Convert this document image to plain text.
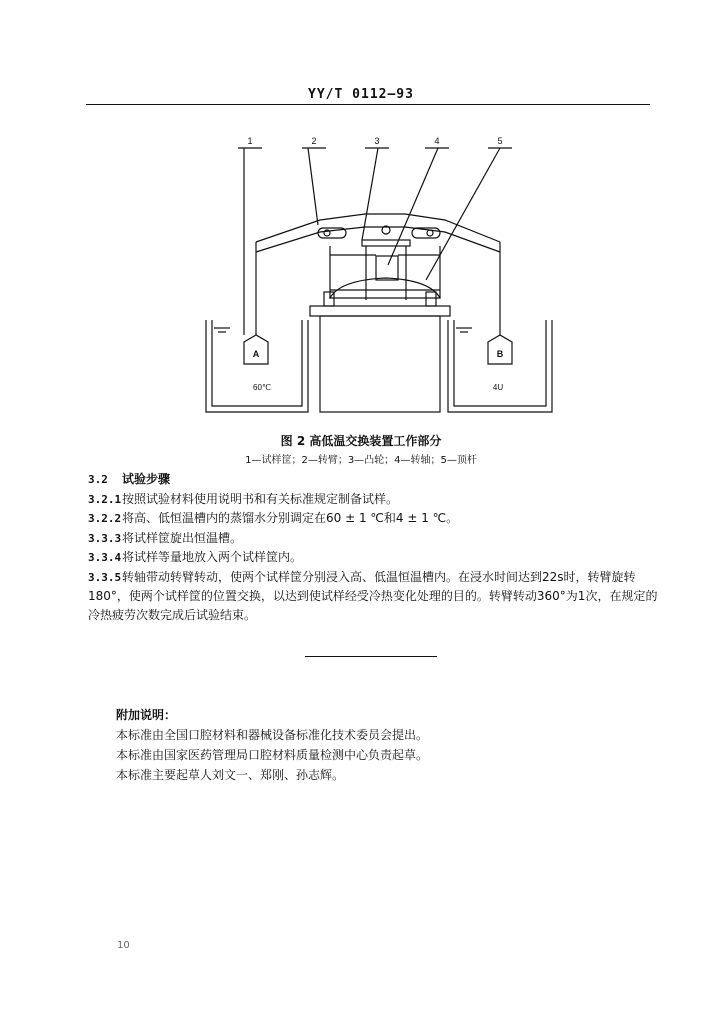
YY/T 0112—93
1	2	3	4	5
A	B
60℃	4U
图 2 高低温交换装置工作部分
1—试样筐；2—转臂；3—凸轮；4—转轴；5—顶杆

3.2 试验步骤

3.2.1按照试验材料使用说明书和有关标准规定制备试样。

3.2.2将高、低恒温槽内的蒸馏水分别调定在60 ± 1 ℃和4 ± 1 ℃。

3.3.3将试样筐旋出恒温槽。

3.3.4将试样等量地放入两个试样筐内。

3.3.5转轴带动转臂转动，使两个试样筐分别浸入高、低温恒温槽内。在浸水时间达到22s时，转臂旋转180°，使两个试样筐的位置交换，以达到使试样经受冷热变化处理的目的。转臂转动360°为1次，在规定的冷热疲劳次数完成后试验结束。

附加说明：
本标准由全国口腔材料和器械设备标准化技术委员会提出。
本标准由国家医药管理局口腔材料质量检测中心负责起草。
本标准主要起草人刘文一、郑刚、孙志辉。
10
